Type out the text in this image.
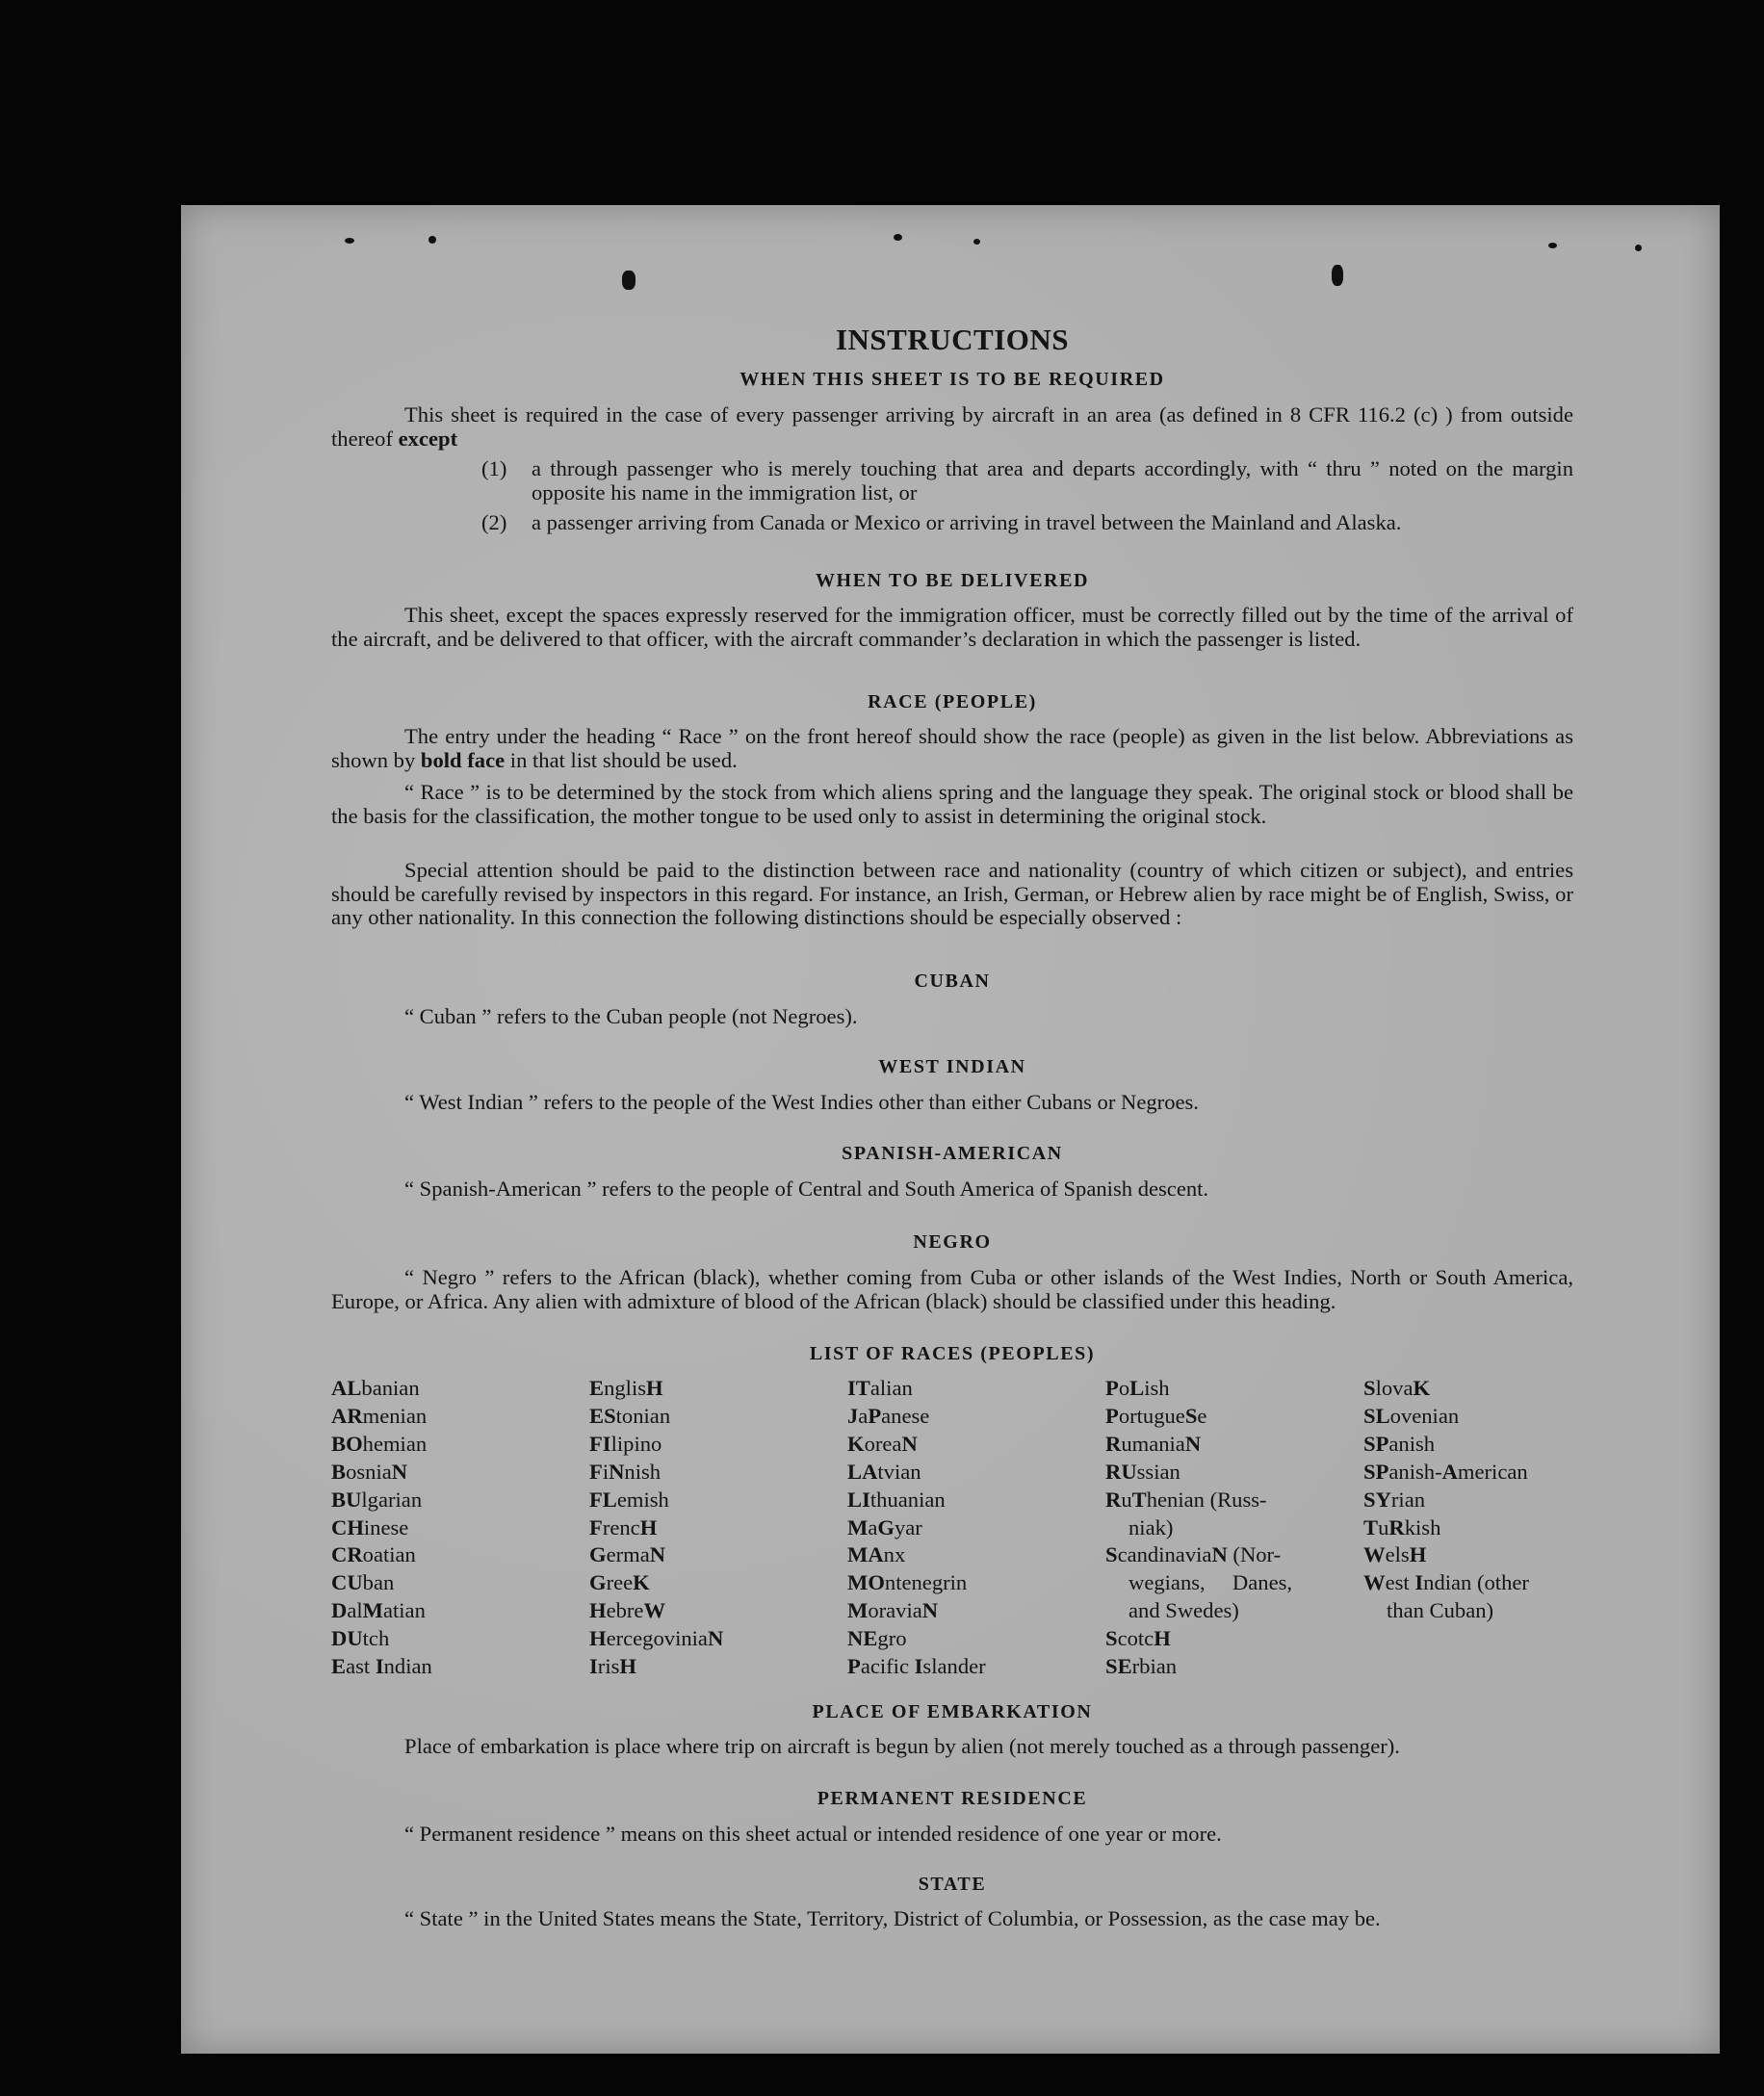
INSTRUCTIONS
WHEN THIS SHEET IS TO BE REQUIRED

This sheet is required in the case of every passenger arriving by aircraft in an area (as defined in 8 CFR 116.2 (c) ) from outside thereof except

(1)	a through passenger who is merely touching that area and departs accordingly, with “ thru ” noted on the margin opposite his name in the immigration list, or
(2)	a passenger arriving from Canada or Mexico or arriving in travel between the Mainland and Alaska.
WHEN TO BE DELIVERED

This sheet, except the spaces expressly reserved for the immigration officer, must be correctly filled out by the time of the arrival of the aircraft, and be delivered to that officer, with the aircraft commander’s declaration in which the passenger is listed.

RACE (PEOPLE)

The entry under the heading “ Race ” on the front hereof should show the race (people) as given in the list below. Abbreviations as shown by bold face in that list should be used.

“ Race ” is to be determined by the stock from which aliens spring and the language they speak. The original stock or blood shall be the basis for the classification, the mother tongue to be used only to assist in determining the original stock.

Special attention should be paid to the distinction between race and nationality (country of which citizen or subject), and entries should be carefully revised by inspectors in this regard. For instance, an Irish, German, or Hebrew alien by race might be of English, Swiss, or any other nationality. In this connection the following distinctions should be especially observed :

CUBAN

“ Cuban ” refers to the Cuban people (not Negroes).

WEST INDIAN

“ West Indian ” refers to the people of the West Indies other than either Cubans or Negroes.

SPANISH-AMERICAN

“ Spanish-American ” refers to the people of Central and South America of Spanish descent.

NEGRO

“ Negro ” refers to the African (black), whether coming from Cuba or other islands of the West Indies, North or South America, Europe, or Africa. Any alien with admixture of blood of the African (black) should be classified under this heading.

LIST OF RACES (PEOPLES)
ALbanian
ARmenian
BOhemian
BosniaN
BUlgarian
CHinese
CRoatian
CUban
DalMatian
DUtch
East Indian
EnglisH
EStonian
FIlipino
FiNnish
FLemish
FrencH
GermaN
GreeK
HebreW
HercegoviniaN
IrisH
ITalian
JaPanese
KoreaN
LAtvian
LIthuanian
MaGyar
MAnx
MOntenegrin
MoraviaN
NEgro
Pacific Islander
PoLish
PortugueSe
RumaniaN
RUssian
RuThenian (Russ-
niak)
ScandinaviaN (Nor-
wegians,     Danes,
and Swedes)
ScotcH
SErbian
SlovaK
SLovenian
SPanish
SPanish-American
SYrian
TuRkish
WelsH
West Indian (other
than Cuban)
PLACE OF EMBARKATION

Place of embarkation is place where trip on aircraft is begun by alien (not merely touched as a through passenger).

PERMANENT RESIDENCE

“ Permanent residence ” means on this sheet actual or intended residence of one year or more.

STATE

“ State ” in the United States means the State, Territory, District of Columbia, or Possession, as the case may be.
